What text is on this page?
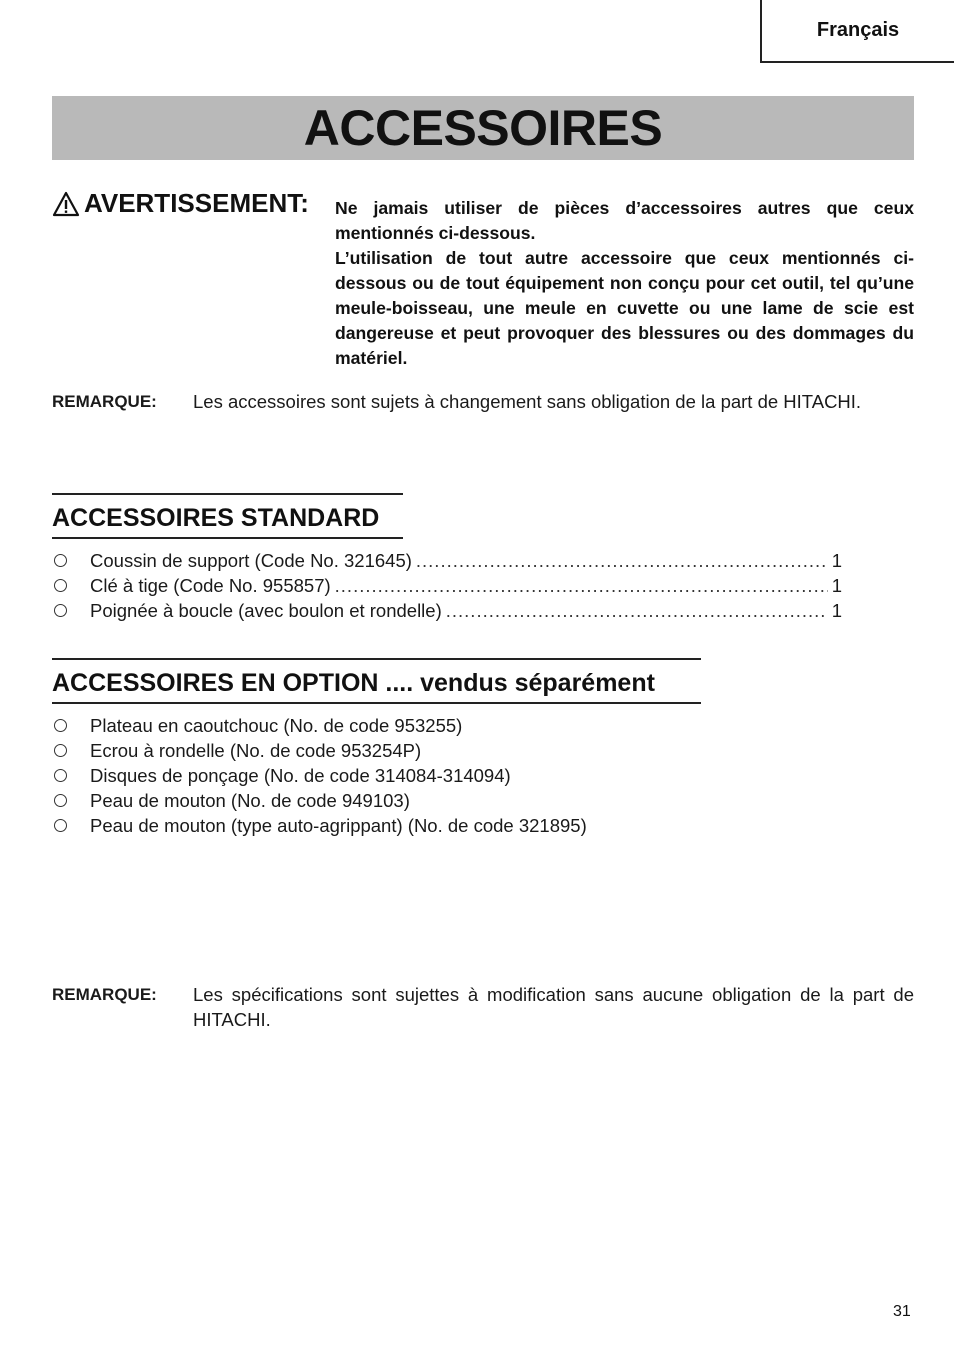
Français
ACCESSOIRES
AVERTISSEMENT: Ne jamais utiliser de pièces d’accessoires autres que ceux mentionnés ci-dessous.

L’utilisation de tout autre accessoire que ceux mentionnés ci-dessous ou de tout équipement non conçu pour cet outil, tel qu’une meule-boisseau, une meule en cuvette ou une lame de scie est dangereuse et peut provoquer des blessures ou des dommages du matériel.

REMARQUE: Les accessoires sont sujets à changement sans obligation de la part de HITACHI.
ACCESSOIRES STANDARD
Coussin de support (Code No. 321645) .....	1
Clé à tige (Code No. 955857) .....	1
Poignée à boucle (avec boulon et rondelle) .....	1
ACCESSOIRES EN OPTION .... vendus séparément
Plateau en caoutchouc (No. de code 953255)
Ecrou à rondelle (No. de code 953254P)
Disques de ponçage (No. de code 314084-314094)
Peau de mouton (No. de code 949103)
Peau de mouton (type auto-agrippant) (No. de code 321895)
REMARQUE: Les spécifications sont sujettes à modification sans aucune obligation de la part de HITACHI.
31
